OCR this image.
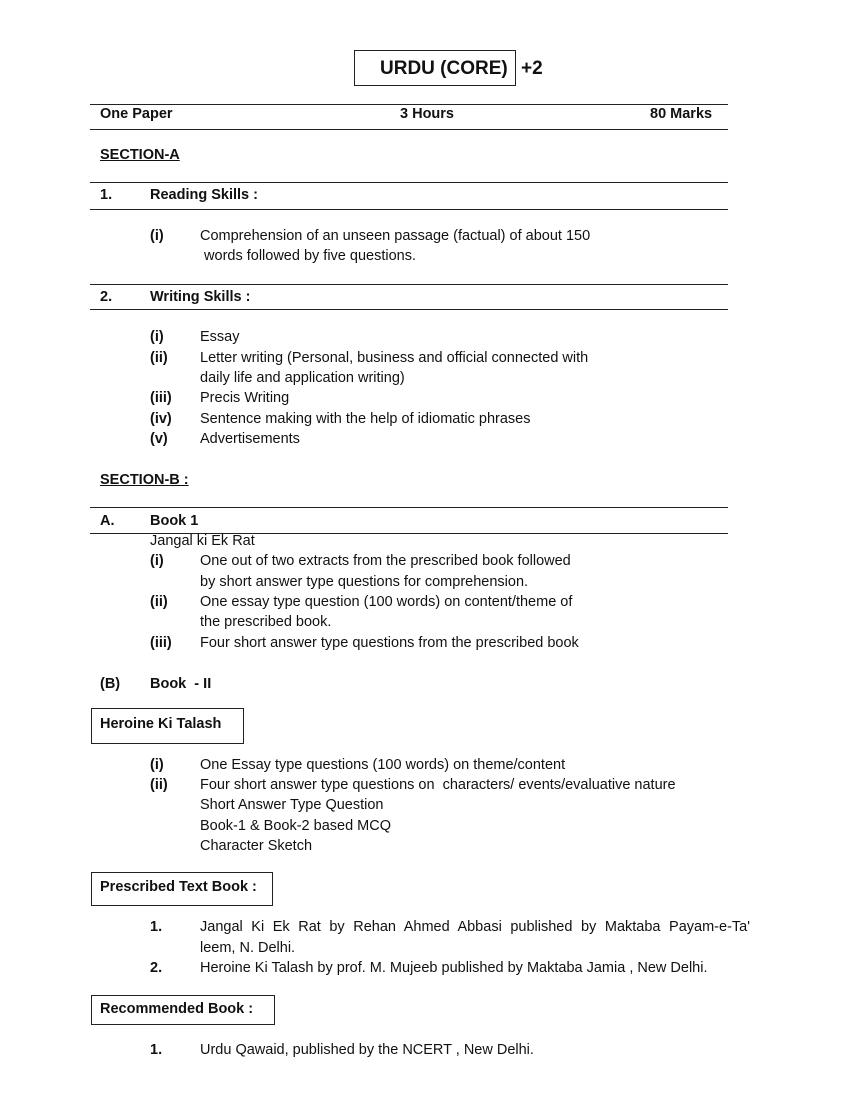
URDU (CORE) +2
One Paper	3 Hours	80 Marks
SECTION-A
1.	Reading Skills :
(i)	Comprehension of an unseen passage (factual) of about 150
words followed by five questions.
2.	Writing Skills :
(i)	Essay
(ii) Letter writing (Personal, business and official connected with
daily life and application writing)
(iii) Precis Writing
(iv) Sentence making with the help of idiomatic phrases
(v) Advertisements
SECTION-B :
A. Book 1
Jangal ki Ek Rat
(i)	One out of two extracts from the prescribed book followed
by short answer type questions for comprehension.
(ii) One essay type question (100 words) on content/theme of
the prescribed book.
(iii) Four short answer type questions from the prescribed book
(B) Book  - II
Heroine Ki Talash
(i)	One Essay type questions (100 words) on theme/content
(ii) Four short answer type questions on  characters/ events/evaluative nature
Short Answer Type Question
Book-1 & Book-2 based MCQ
Character Sketch
Prescribed Text Book :
1.	Jangal Ki Ek Rat by Rehan Ahmed Abbasi published by Maktaba Payam-e-Ta'
leem, N. Delhi.
2.	Heroine Ki Talash by prof. M. Mujeeb published by Maktaba Jamia , New Delhi.
Recommended Book :
1.	Urdu Qawaid, published by the NCERT , New Delhi.
